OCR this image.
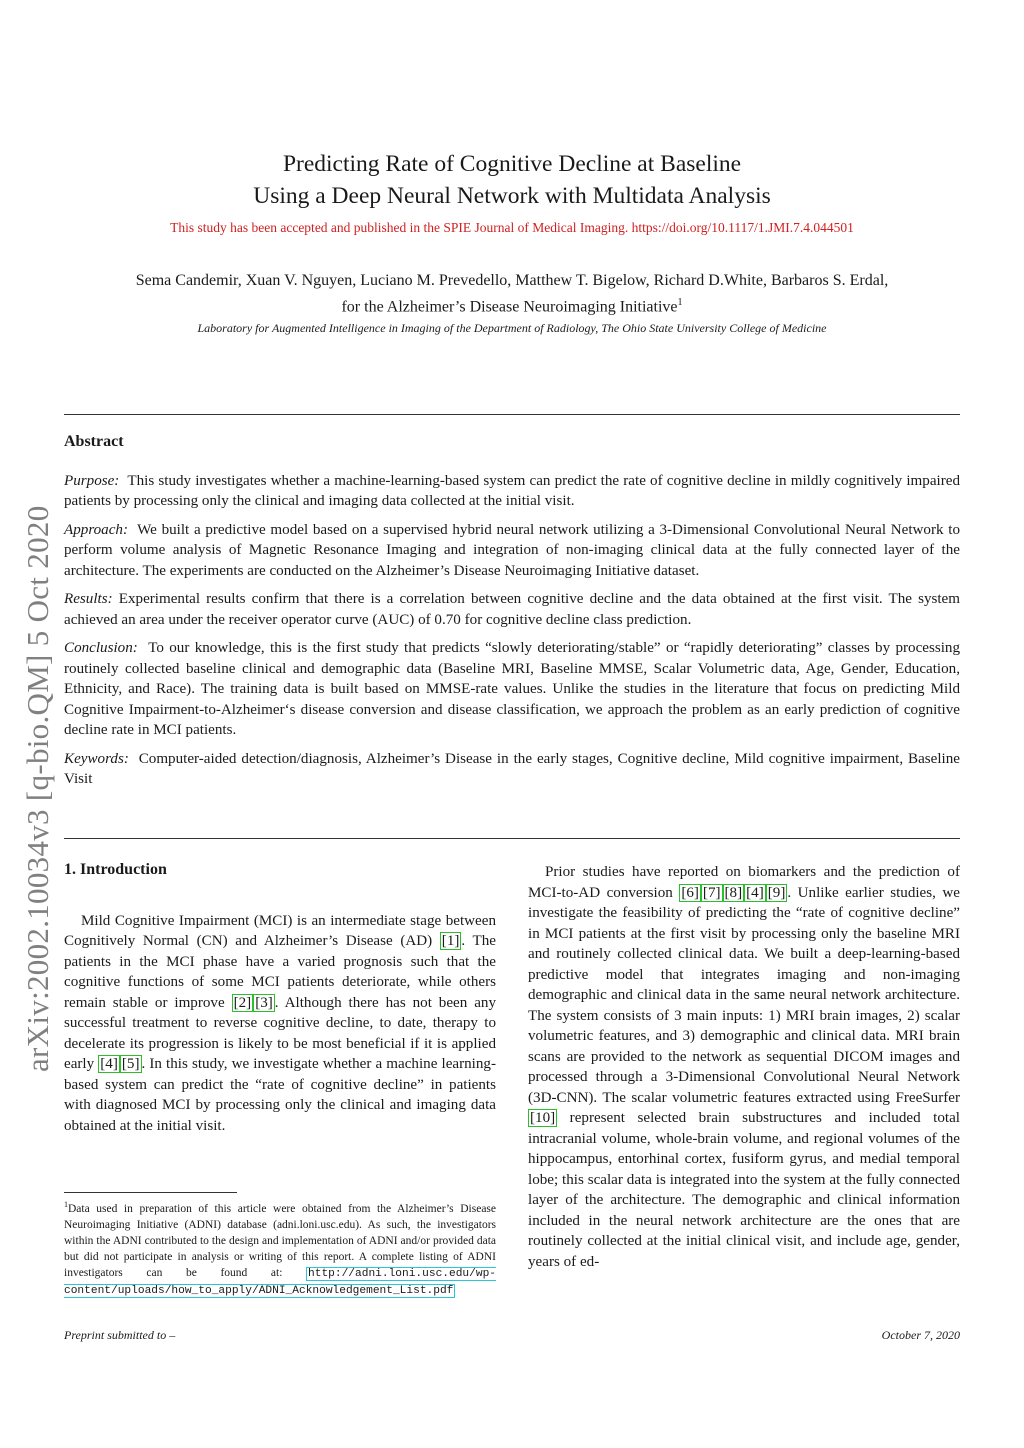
arXiv:2002.10034v3 [q-bio.QM] 5 Oct 2020
Predicting Rate of Cognitive Decline at Baseline
Using a Deep Neural Network with Multidata Analysis
This study has been accepted and published in the SPIE Journal of Medical Imaging. https://doi.org/10.1117/1.JMI.7.4.044501
Sema Candemir, Xuan V. Nguyen, Luciano M. Prevedello, Matthew T. Bigelow, Richard D.White, Barbaros S. Erdal,
for the Alzheimer’s Disease Neuroimaging Initiative$^1$
Laboratory for Augmented Intelligence in Imaging of the Department of Radiology, The Ohio State University College of Medicine
Abstract

Purpose: This study investigates whether a machine-learning-based system can predict the rate of cognitive decline in mildly cognitively impaired patients by processing only the clinical and imaging data collected at the initial visit.

Approach: We built a predictive model based on a supervised hybrid neural network utilizing a 3-Dimensional Convolutional Neural Network to perform volume analysis of Magnetic Resonance Imaging and integration of non-imaging clinical data at the fully connected layer of the architecture. The experiments are conducted on the Alzheimer’s Disease Neuroimaging Initiative dataset.

Results: Experimental results confirm that there is a correlation between cognitive decline and the data obtained at the first visit. The system achieved an area under the receiver operator curve (AUC) of 0.70 for cognitive decline class prediction.

Conclusion: To our knowledge, this is the first study that predicts “slowly deteriorating/stable” or “rapidly deteriorating” classes by processing routinely collected baseline clinical and demographic data (Baseline MRI, Baseline MMSE, Scalar Volumetric data, Age, Gender, Education, Ethnicity, and Race). The training data is built based on MMSE-rate values. Unlike the studies in the literature that focus on predicting Mild Cognitive Impairment-to-Alzheimer‘s disease conversion and disease classification, we approach the problem as an early prediction of cognitive decline rate in MCI patients.

Keywords: Computer-aided detection/diagnosis, Alzheimer’s Disease in the early stages, Cognitive decline, Mild cognitive impairment, Baseline Visit

1. Introduction

Mild Cognitive Impairment (MCI) is an intermediate stage between Cognitively Normal (CN) and Alzheimer’s Disease (AD) [1] . The patients in the MCI phase have a varied prognosis such that the cognitive functions of some MCI patients deteriorate, while others remain stable or improve [2] [3] . Although there has not been any successful treatment to reverse cognitive decline, to date, therapy to decelerate its progression is likely to be most beneficial if it is applied early [4] [5] . In this study, we investigate whether a machine learning-based system can predict the “rate of cognitive decline” in patients with diagnosed MCI by processing only the clinical and imaging data obtained at the initial visit.

Prior studies have reported on biomarkers and the prediction of MCI-to-AD conversion [6] [7] [8] [4] [9] . Unlike earlier studies, we investigate the feasibility of predicting the “rate of cognitive decline” in MCI patients at the first visit by processing only the baseline MRI and routinely collected clinical data. We built a deep-learning-based predictive model that integrates imaging and non-imaging demographic and clinical data in the same neural network architecture. The system consists of 3 main inputs: 1) MRI brain images, 2) scalar volumetric features, and 3) demographic and clinical data. MRI brain scans are provided to the network as sequential DICOM images and processed through a 3-Dimensional Convolutional Neural Network (3D-CNN). The scalar volumetric features extracted using FreeSurfer [10] represent selected brain substructures and included total intracranial volume, whole-brain volume, and regional volumes of the hippocampus, entorhinal cortex, fusiform gyrus, and medial temporal lobe; this scalar data is integrated into the system at the fully connected layer of the architecture. The demographic and clinical information included in the neural network architecture are the ones that are routinely collected at the initial clinical visit, and include age, gender, years of ed-

$^1$Data used in preparation of this article were obtained from the Alzheimer’s Disease Neuroimaging Initiative (ADNI) database (adni.loni.usc.edu). As such, the investigators within the ADNI contributed to the design and implementation of ADNI and/or provided data but did not participate in analysis or writing of this report. A complete listing of ADNI investigators can be found at: http://adni.loni.usc.edu/wp-content/uploads/how_to_apply/ADNI_Acknowledgement_List.pdf
Preprint submitted to –	October 7, 2020
